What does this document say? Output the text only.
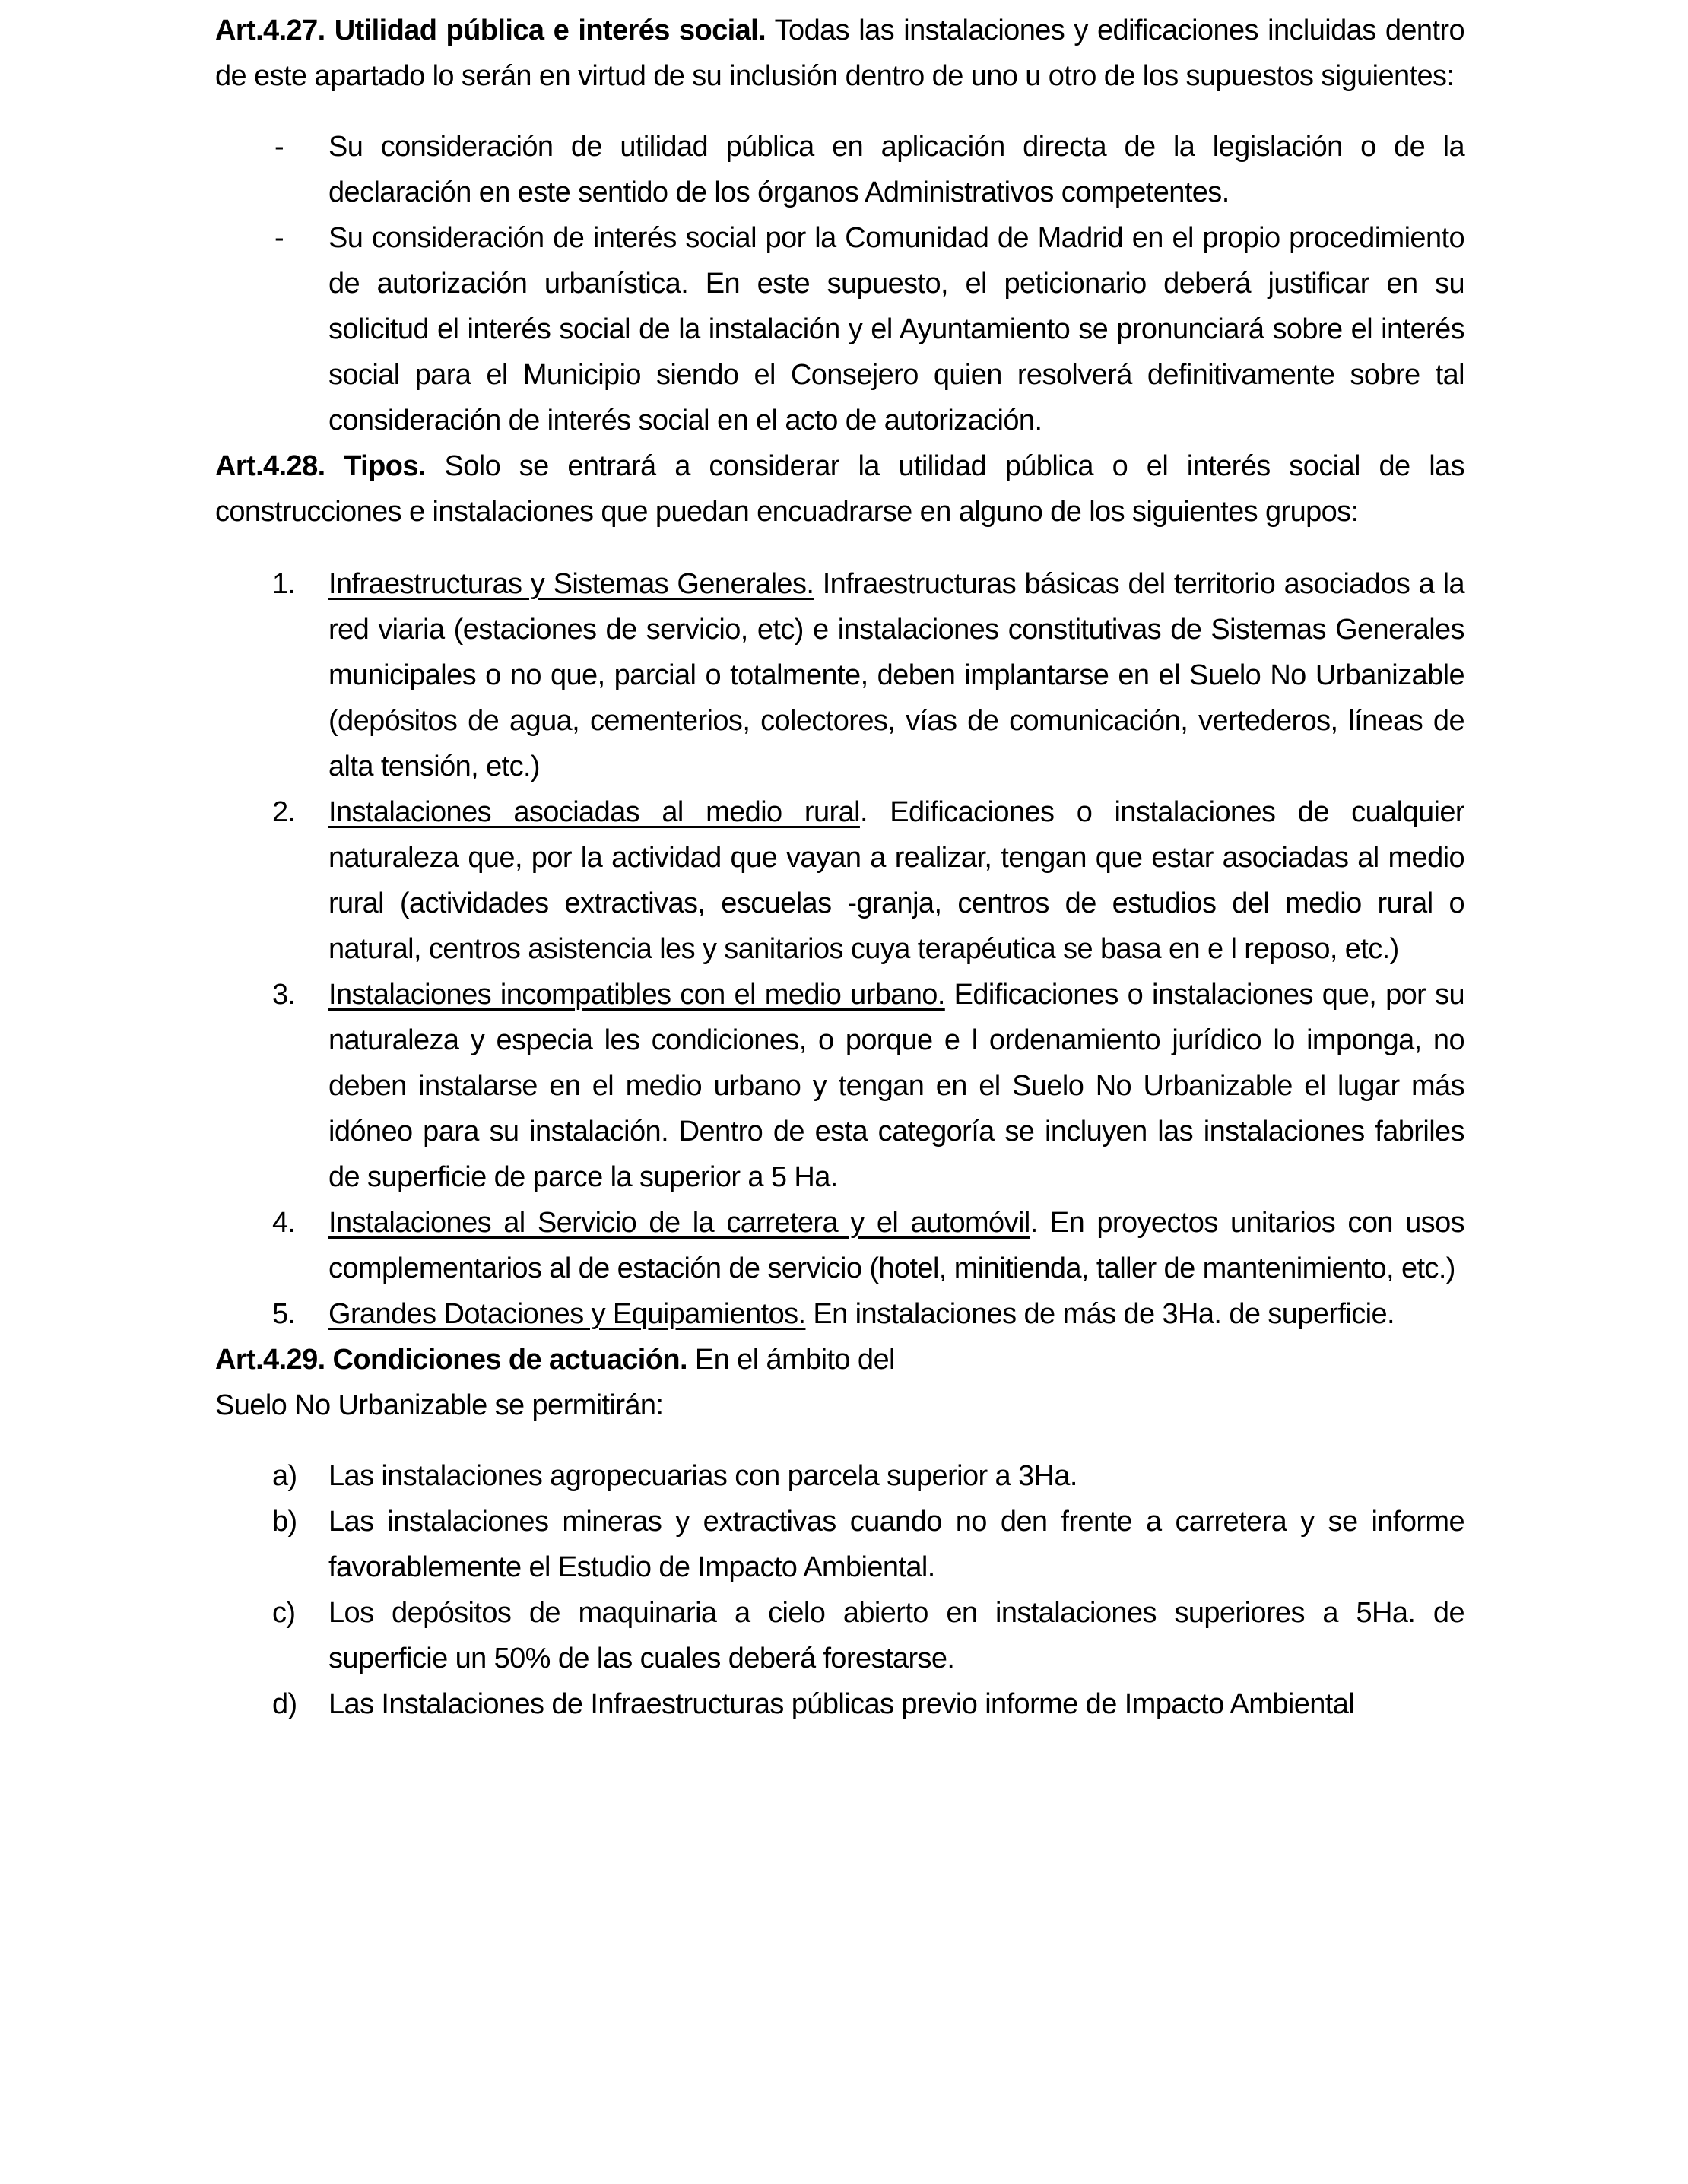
Art.4.27. Utilidad pública e interés social. Todas las instalaciones y edificaciones incluidas dentro de este apartado lo serán en virtud de su inclusión dentro de uno u otro de los supuestos siguientes:

- Su consideración de utilidad pública en aplicación directa de la legislación o de la declaración en este sentido de los órganos Administrativos competentes.
- Su consideración de interés social por la Comunidad de Madrid en el propio procedimiento de autorización urbanística. En este supuesto, el peticionario deberá justificar en su solicitud el interés social de la instalación y el Ayuntamiento se pronunciará sobre el interés social para el Municipio siendo el Consejero quien resolverá definitivamente sobre tal consideración de interés social en el acto de autorización.

Art.4.28. Tipos. Solo se entrará a considerar la utilidad pública o el interés social de las construcciones e instalaciones que puedan encuadrarse en alguno de los siguientes grupos:

1. Infraestructuras y Sistemas Generales. Infraestructuras básicas del territorio asociados a la red viaria (estaciones de servicio, etc) e instalaciones constitutivas de Sistemas Generales municipales o no que, parcial o totalmente, deben implantarse en el Suelo No Urbanizable (depósitos de agua, cementerios, colectores, vías de comunicación, vertederos, líneas de alta tensión, etc.)
2. Instalaciones asociadas al medio rural. Edificaciones o instalaciones de cualquier naturaleza que, por la actividad que vayan a realizar, tengan que estar asociadas al medio rural (actividades extractivas, escuelas -granja, centros de estudios del medio rural o natural, centros asistencia les y sanitarios cuya terapéutica se basa en e l reposo, etc.)
3. Instalaciones incompatibles con el medio urbano. Edificaciones o instalaciones que, por su naturaleza y especia les condiciones, o porque e l ordenamiento jurídico lo imponga, no deben instalarse en el medio urbano y tengan en el Suelo No Urbanizable el lugar más idóneo para su instalación. Dentro de esta categoría se incluyen las instalaciones fabriles de superficie de parce la superior a 5 Ha.
4. Instalaciones al Servicio de la carretera y el automóvil. En proyectos unitarios con usos complementarios al de estación de servicio (hotel, minitienda, taller de mantenimiento, etc.)
5. Grandes Dotaciones y Equipamientos. En instalaciones de más de 3Ha. de superficie.

Art.4.29. Condiciones de actuación. En el ámbito del
Suelo No Urbanizable se permitirán:

a) Las instalaciones agropecuarias con parcela superior a 3Ha.
b) Las instalaciones mineras y extractivas cuando no den frente a carretera y se informe favorablemente el Estudio de Impacto Ambiental.
c) Los depósitos de maquinaria a cielo abierto en instalaciones superiores a 5Ha. de superficie un 50% de las cuales deberá forestarse.
d) Las Instalaciones de Infraestructuras públicas previo informe de Impacto Ambiental
